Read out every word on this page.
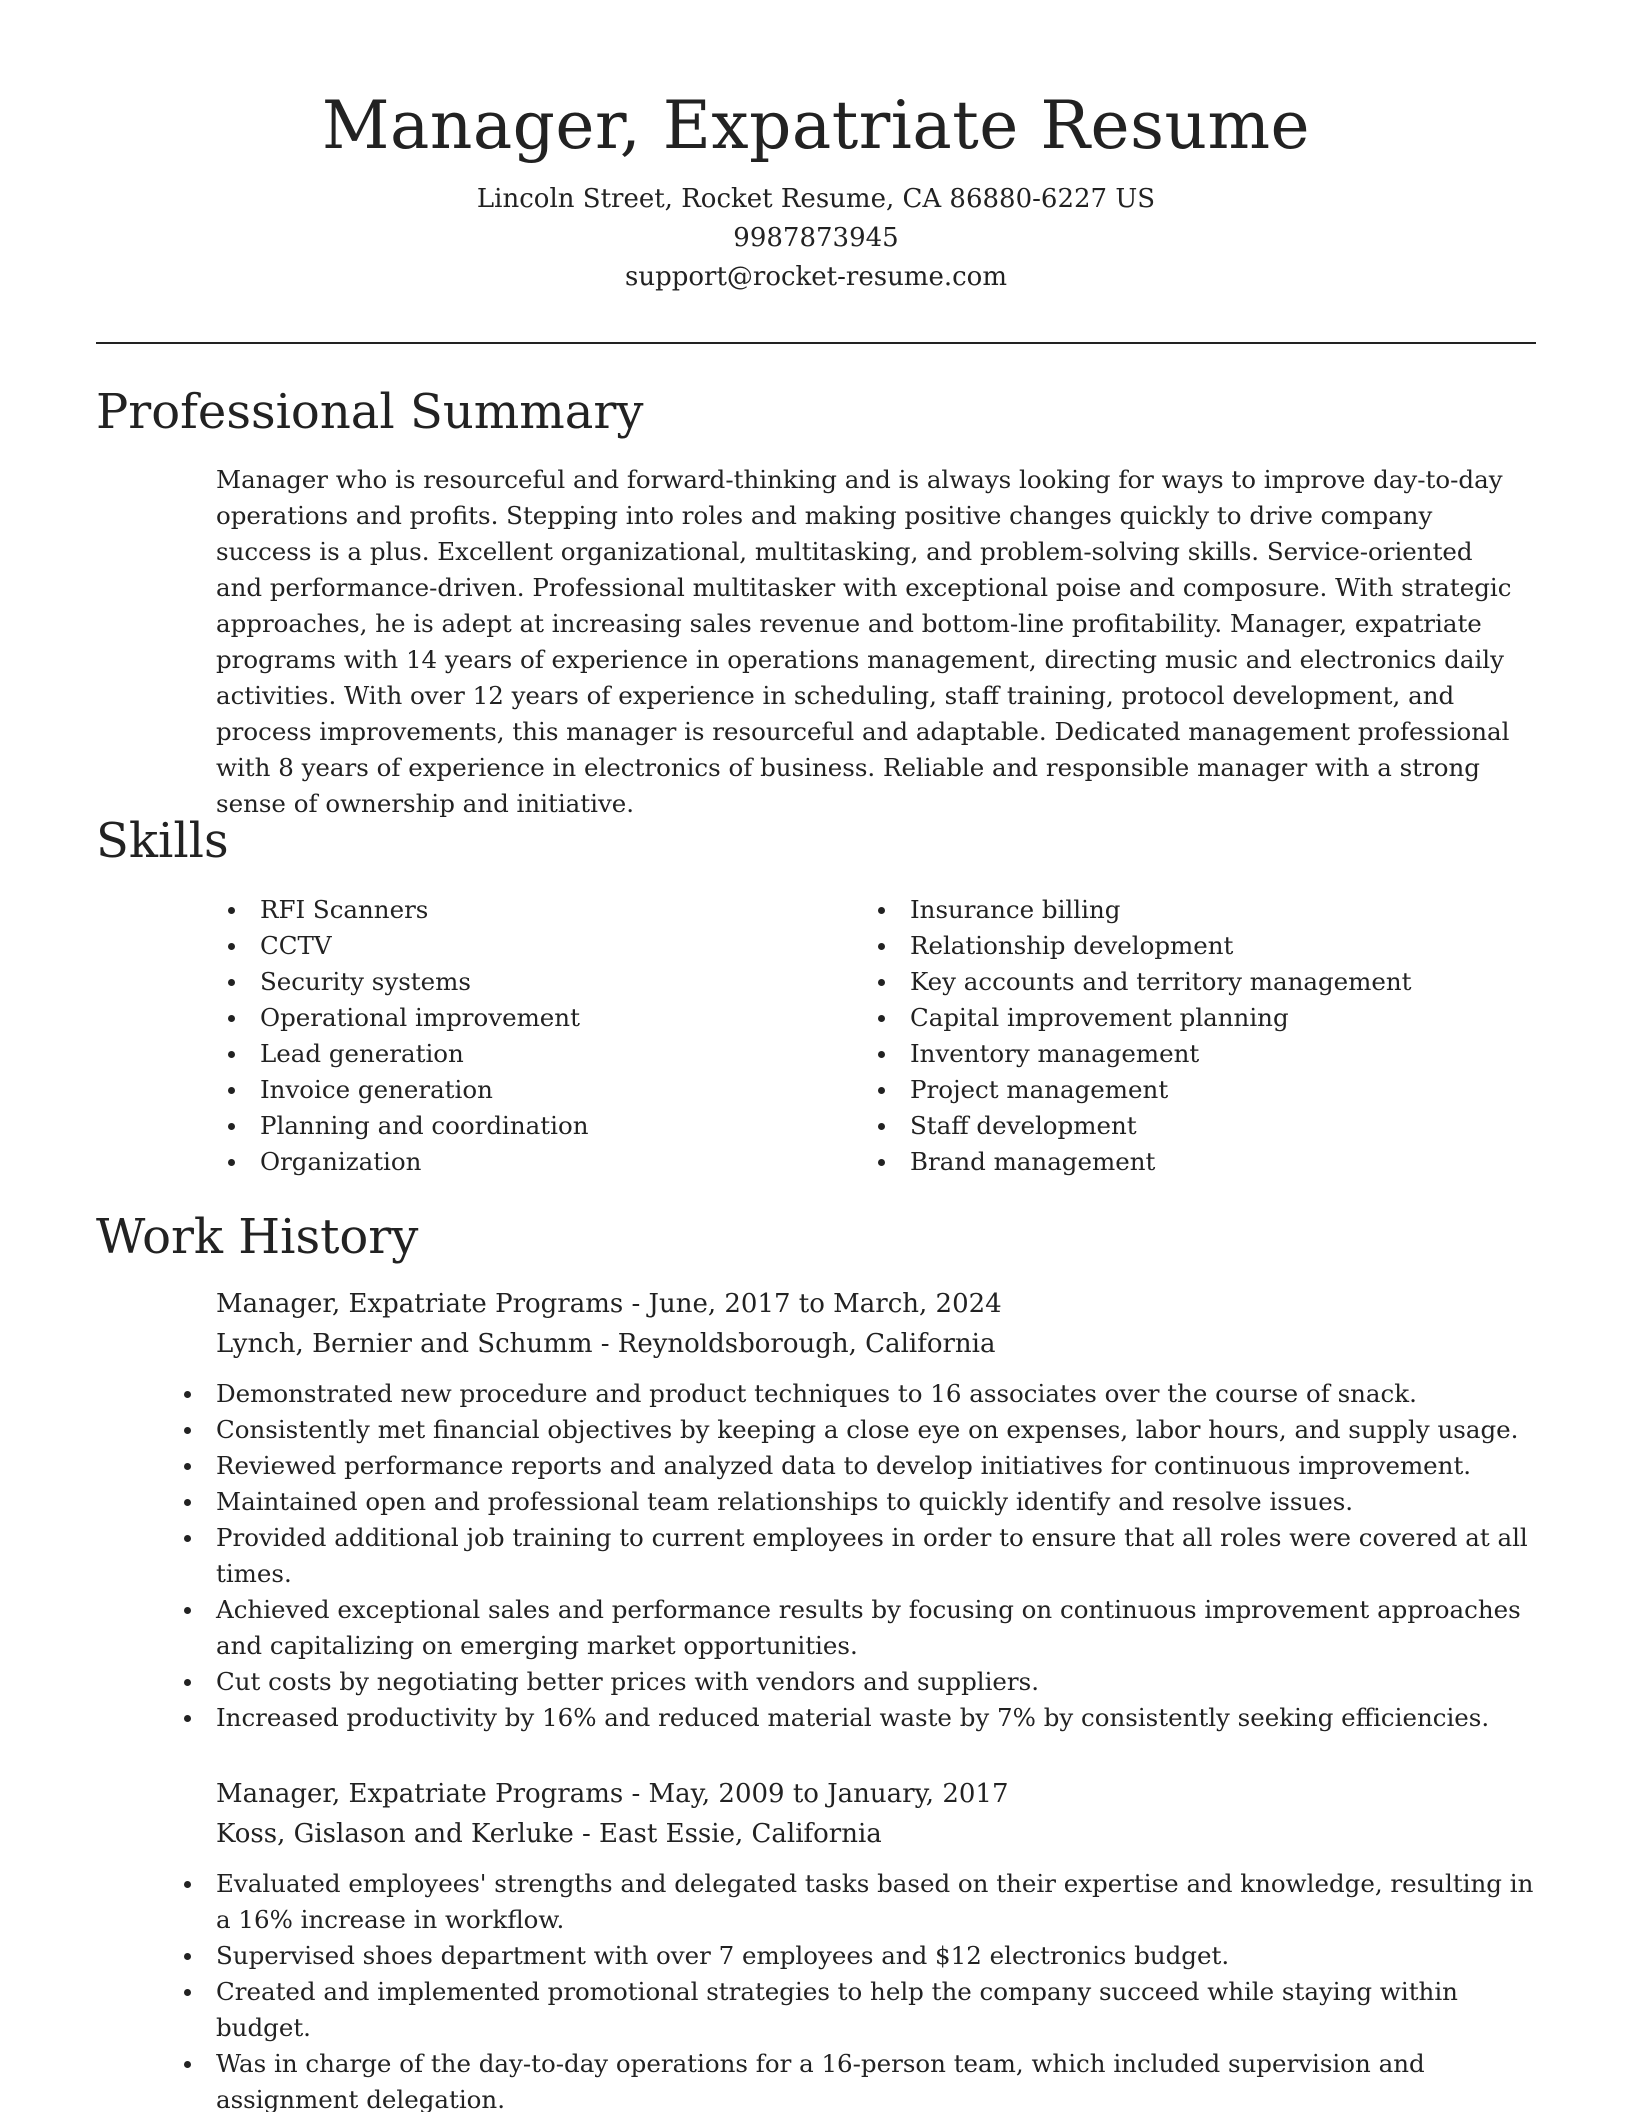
Manager, Expatriate Resume

Lincoln Street, Rocket Resume, CA 86880-6227 US

9987873945

support@rocket-resume.com

Professional Summary

Manager who is resourceful and forward-thinking and is always looking for ways to improve day-to-day operations and profits. Stepping into roles and making positive changes quickly to drive company success is a plus. Excellent organizational, multitasking, and problem-solving skills. Service-oriented and performance-driven. Professional multitasker with exceptional poise and composure. With strategic approaches, he is adept at increasing sales revenue and bottom-line profitability. Manager, expatriate programs with 14 years of experience in operations management, directing music and electronics daily activities. With over 12 years of experience in scheduling, staff training, protocol development, and process improvements, this manager is resourceful and adaptable. Dedicated management professional with 8 years of experience in electronics of business. Reliable and responsible manager with a strong sense of ownership and initiative.

Skills
RFI Scanners
CCTV
Security systems
Operational improvement
Lead generation
Invoice generation
Planning and coordination
Organization
Insurance billing
Relationship development
Key accounts and territory management
Capital improvement planning
Inventory management
Project management
Staff development
Brand management
Work History

Manager, Expatriate Programs - June, 2017 to March, 2024

Lynch, Bernier and Schumm - Reynoldsborough, California

Demonstrated new procedure and product techniques to 16 associates over the course of snack.
Consistently met financial objectives by keeping a close eye on expenses, labor hours, and supply usage.
Reviewed performance reports and analyzed data to develop initiatives for continuous improvement.
Maintained open and professional team relationships to quickly identify and resolve issues.
Provided additional job training to current employees in order to ensure that all roles were covered at all times.
Achieved exceptional sales and performance results by focusing on continuous improvement approaches and capitalizing on emerging market opportunities.
Cut costs by negotiating better prices with vendors and suppliers.
Increased productivity by 16% and reduced material waste by 7% by consistently seeking efficiencies.

Manager, Expatriate Programs - May, 2009 to January, 2017

Koss, Gislason and Kerluke - East Essie, California

Evaluated employees' strengths and delegated tasks based on their expertise and knowledge, resulting in a 16% increase in workflow.
Supervised shoes department with over 7 employees and $12 electronics budget.
Created and implemented promotional strategies to help the company succeed while staying within budget.
Was in charge of the day-to-day operations for a 16-person team, which included supervision and assignment delegation.
